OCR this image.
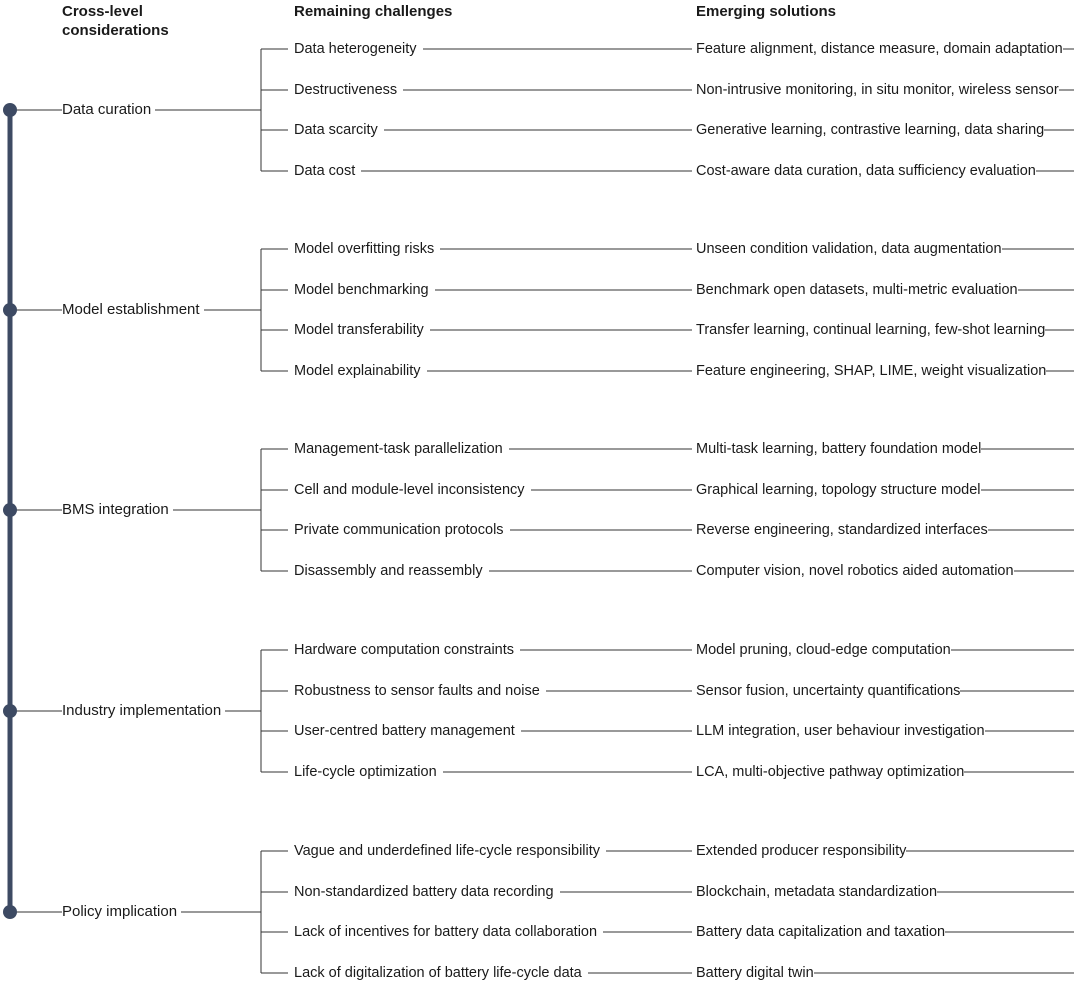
Cross-level considerations
Remaining challenges	Emerging solutions
Data curation
Data heterogeneity	Feature alignment, distance measure, domain adaptation
Destructiveness	Non-intrusive monitoring, in situ monitor, wireless sensor
Data scarcity	Generative learning, contrastive learning, data sharing
Data cost	Cost-aware data curation, data sufficiency evaluation
Model establishment
Model overfitting risks	Unseen condition validation, data augmentation
Model benchmarking	Benchmark open datasets, multi-metric evaluation
Model transferability	Transfer learning, continual learning, few-shot learning
Model explainability	Feature engineering, SHAP, LIME, weight visualization
BMS integration
Management-task parallelization	Multi-task learning, battery foundation model
Cell and module-level inconsistency	Graphical learning, topology structure model
Private communication protocols	Reverse engineering, standardized interfaces
Disassembly and reassembly	Computer vision, novel robotics aided automation
Industry implementation
Hardware computation constraints	Model pruning, cloud-edge computation
Robustness to sensor faults and noise	Sensor fusion, uncertainty quantifications
User-centred battery management	LLM integration, user behaviour investigation
Life-cycle optimization	LCA, multi-objective pathway optimization
Policy implication
Vague and underdefined life-cycle responsibility	Extended producer responsibility
Non-standardized battery data recording	Blockchain, metadata standardization
Lack of incentives for battery data collaboration	Battery data capitalization and taxation
Lack of digitalization of battery life-cycle data	Battery digital twin
